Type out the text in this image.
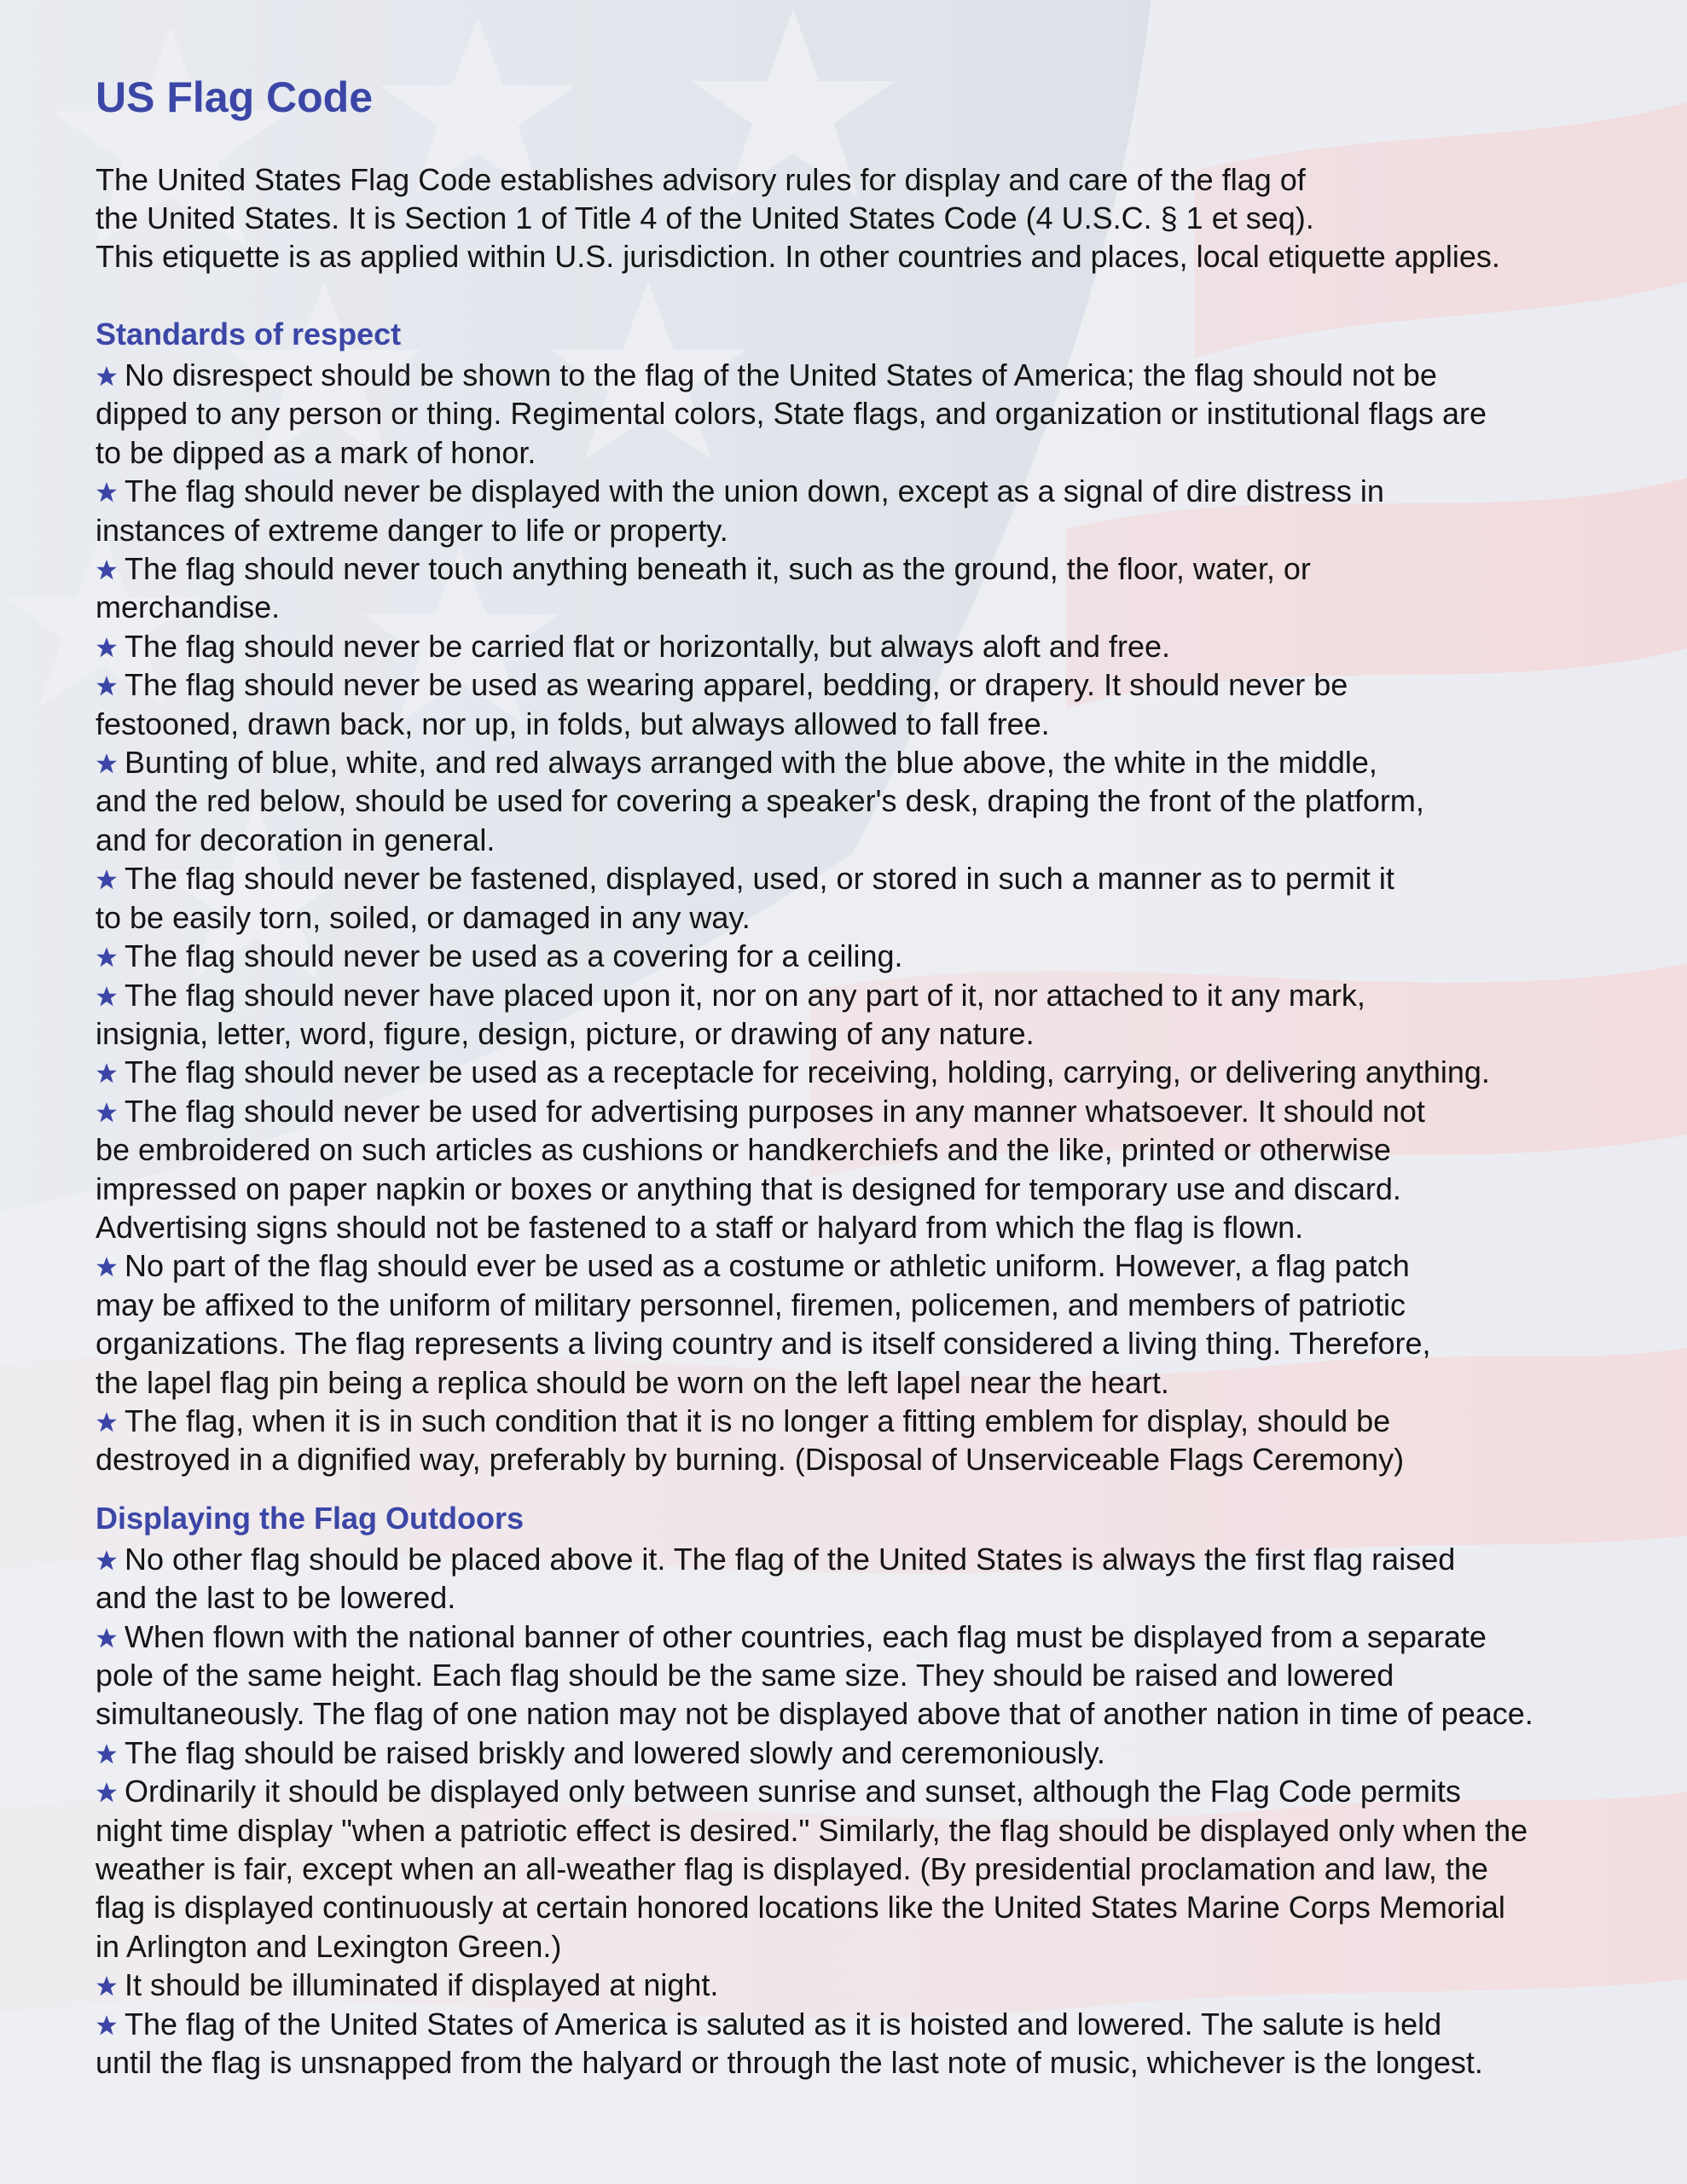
US Flag Code

The United States Flag Code establishes advisory rules for display and care of the flag of

the United States. It is Section 1 of Title 4 of the United States Code (4 U.S.C. § 1 et seq).

This etiquette is as applied within U.S. jurisdiction. In other countries and places, local etiquette applies.

Standards of respect
No disrespect should be shown to the flag of the United States of America; the flag should not be
dipped to any person or thing. Regimental colors, State flags, and organization or institutional flags are
to be dipped as a mark of honor.
The flag should never be displayed with the union down, except as a signal of dire distress in
instances of extreme danger to life or property.
The flag should never touch anything beneath it, such as the ground, the floor, water, or
merchandise.
The flag should never be carried flat or horizontally, but always aloft and free.
The flag should never be used as wearing apparel, bedding, or drapery. It should never be
festooned, drawn back, nor up, in folds, but always allowed to fall free.
Bunting of blue, white, and red always arranged with the blue above, the white in the middle,
and the red below, should be used for covering a speaker's desk, draping the front of the platform,
and for decoration in general.
The flag should never be fastened, displayed, used, or stored in such a manner as to permit it
to be easily torn, soiled, or damaged in any way.
The flag should never be used as a covering for a ceiling.
The flag should never have placed upon it, nor on any part of it, nor attached to it any mark,
insignia, letter, word, figure, design, picture, or drawing of any nature.
The flag should never be used as a receptacle for receiving, holding, carrying, or delivering anything.
The flag should never be used for advertising purposes in any manner whatsoever. It should not
be embroidered on such articles as cushions or handkerchiefs and the like, printed or otherwise
impressed on paper napkin or boxes or anything that is designed for temporary use and discard.
Advertising signs should not be fastened to a staff or halyard from which the flag is flown.
No part of the flag should ever be used as a costume or athletic uniform. However, a flag patch
may be affixed to the uniform of military personnel, firemen, policemen, and members of patriotic
organizations. The flag represents a living country and is itself considered a living thing. Therefore,
the lapel flag pin being a replica should be worn on the left lapel near the heart.
The flag, when it is in such condition that it is no longer a fitting emblem for display, should be
destroyed in a dignified way, preferably by burning. (Disposal of Unserviceable Flags Ceremony)
Displaying the Flag Outdoors
No other flag should be placed above it. The flag of the United States is always the first flag raised
and the last to be lowered.
When flown with the national banner of other countries, each flag must be displayed from a separate
pole of the same height. Each flag should be the same size. They should be raised and lowered
simultaneously. The flag of one nation may not be displayed above that of another nation in time of peace.
The flag should be raised briskly and lowered slowly and ceremoniously.
Ordinarily it should be displayed only between sunrise and sunset, although the Flag Code permits
night time display "when a patriotic effect is desired." Similarly, the flag should be displayed only when the
weather is fair, except when an all-weather flag is displayed. (By presidential proclamation and law, the
flag is displayed continuously at certain honored locations like the United States Marine Corps Memorial
in Arlington and Lexington Green.)
It should be illuminated if displayed at night.
The flag of the United States of America is saluted as it is hoisted and lowered. The salute is held
until the flag is unsnapped from the halyard or through the last note of music, whichever is the longest.
